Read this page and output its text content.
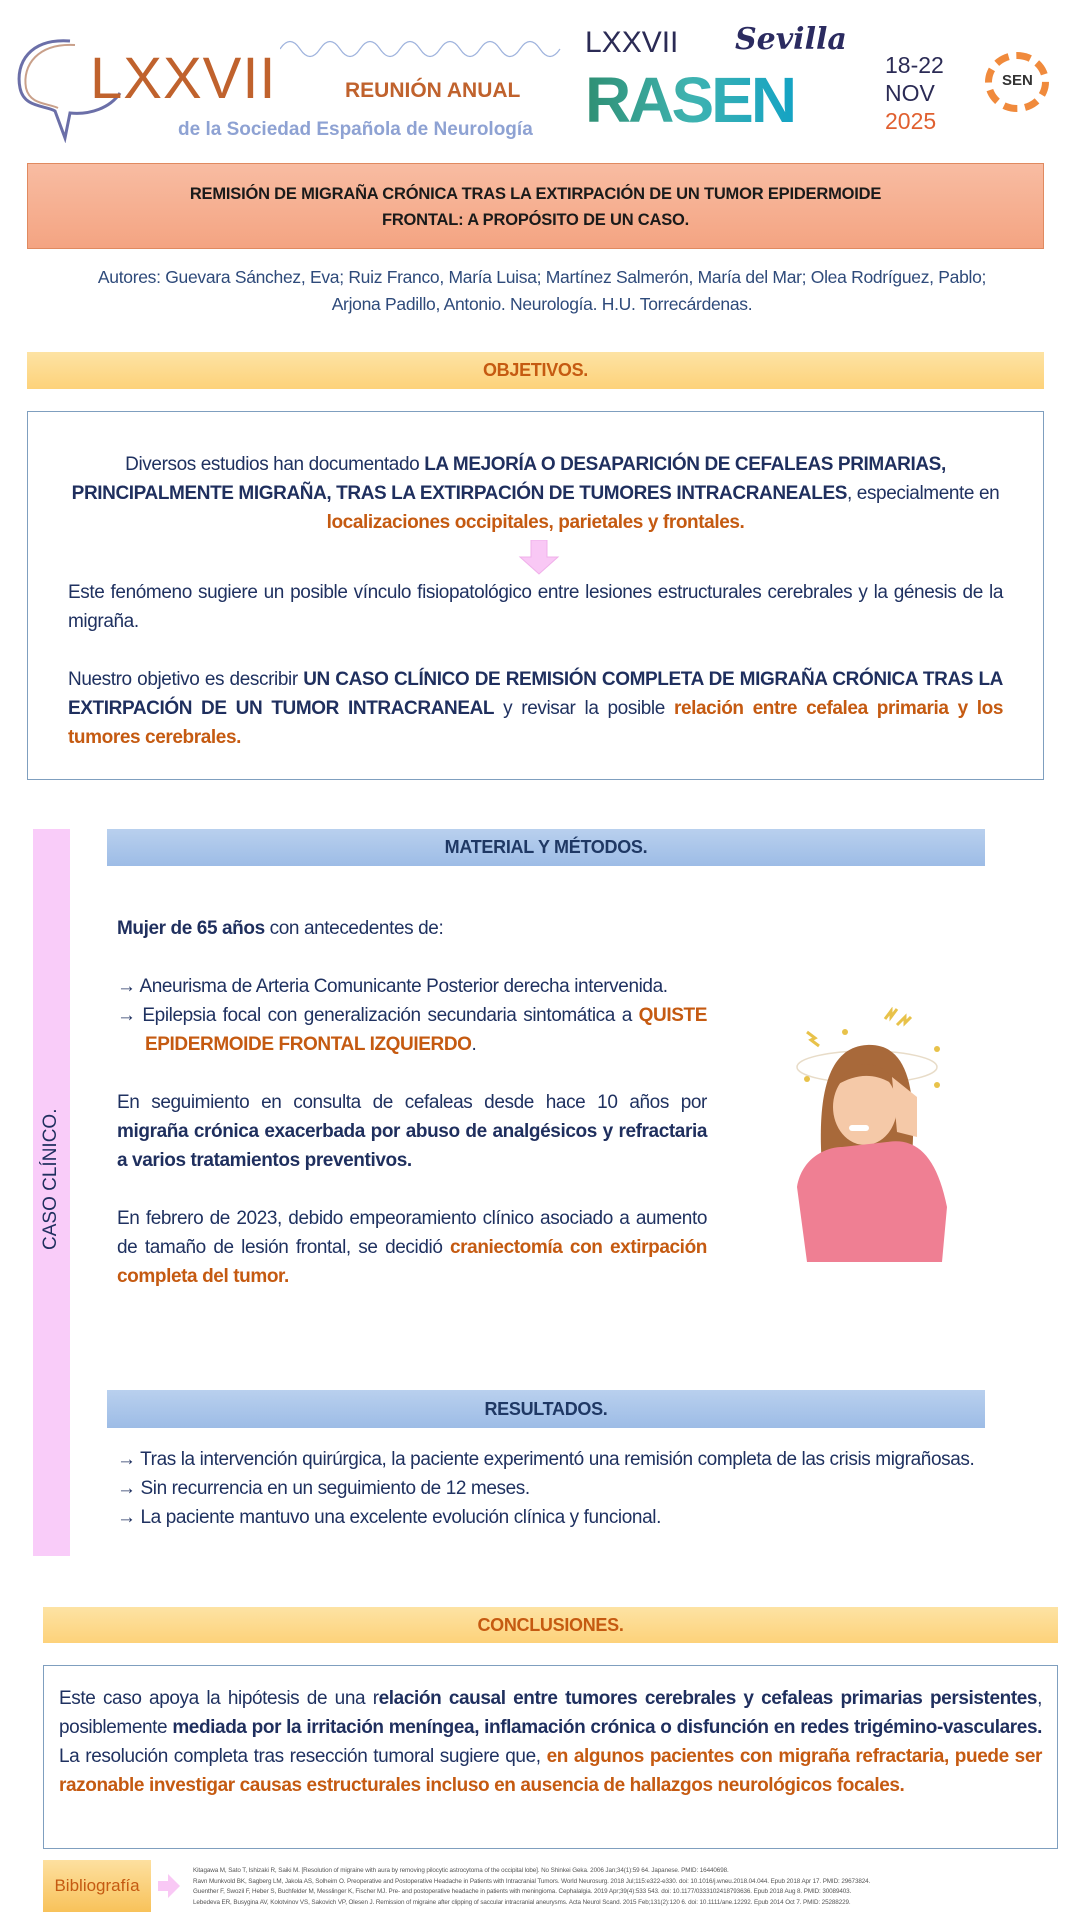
LXXVII	REUNIÓN ANUAL
de la Sociedad Española de Neurología
LXXVII Sevilla
RASEN	18-22
NOV
2025
SEN
REMISIÓN DE MIGRAÑA CRÓNICA TRAS LA EXTIRPACIÓN DE UN TUMOR EPIDERMOIDE
FRONTAL: A PROPÓSITO DE UN CASO.
Autores: Guevara Sánchez, Eva; Ruiz Franco, María Luisa; Martínez Salmerón, María del Mar; Olea Rodríguez, Pablo;
Arjona Padillo, Antonio. Neurología. H.U. Torrecárdenas.
OBJETIVOS.
Diversos estudios han documentado LA MEJORÍA O DESAPARICIÓN DE CEFALEAS PRIMARIAS, PRINCIPALMENTE MIGRAÑA, TRAS LA EXTIRPACIÓN DE TUMORES INTRACRANEALES, especialmente en localizaciones occipitales, parietales y frontales.
Este fenómeno sugiere un posible vínculo fisiopatológico entre lesiones estructurales cerebrales y la génesis de la migraña.
Nuestro objetivo es describir UN CASO CLÍNICO DE REMISIÓN COMPLETA DE MIGRAÑA CRÓNICA TRAS LA EXTIRPACIÓN DE UN TUMOR INTRACRANEAL y revisar la posible relación entre cefalea primaria y los tumores cerebrales.
CASO CLÍNICO.
MATERIAL Y MÉTODOS.
Mujer de 65 años con antecedentes de:
→ Aneurisma de Arteria Comunicante Posterior derecha intervenida.
→ Epilepsia focal con generalización secundaria sintomática a QUISTE EPIDERMOIDE FRONTAL IZQUIERDO.
En seguimiento en consulta de cefaleas desde hace 10 años por migraña crónica exacerbada por abuso de analgésicos y refractaria a varios tratamientos preventivos.
En febrero de 2023, debido empeoramiento clínico asociado a aumento de tamaño de lesión frontal, se decidió craniectomía con extirpación completa del tumor.
RESULTADOS.
→ Tras la intervención quirúrgica, la paciente experimentó una remisión completa de las crisis migrañosas.
→ Sin recurrencia en un seguimiento de 12 meses.
→ La paciente mantuvo una excelente evolución clínica y funcional.
CONCLUSIONES.
Este caso apoya la hipótesis de una relación causal entre tumores cerebrales y cefaleas primarias persistentes, posiblemente mediada por la irritación meníngea, inflamación crónica o disfunción en redes trigémino-vasculares. La resolución completa tras resección tumoral sugiere que, en algunos pacientes con migraña refractaria, puede ser razonable investigar causas estructurales incluso en ausencia de hallazgos neurológicos focales.
Bibliografía
Kitagawa M, Sato T, Ishizaki R, Saiki M. [Resolution of migraine with aura by removing pilocytic astrocytoma of the occipital lobe]. No Shinkei Geka. 2006 Jan;34(1):59 64. Japanese. PMID: 16440698.
Ravn Munkvold BK, Sagberg LM, Jakola AS, Solheim O. Preoperative and Postoperative Headache in Patients with Intracranial Tumors. World Neurosurg. 2018 Jul;115:e322-e330. doi: 10.1016/j.wneu.2018.04.044. Epub 2018 Apr 17. PMID: 29673824.
Guenther F, Swozil F, Heber S, Buchfelder M, Messlinger K, Fischer MJ. Pre- and postoperative headache in patients with meningioma. Cephalalgia. 2019 Apr;39(4):533 543. doi: 10.1177/0333102418793636. Epub 2018 Aug 8. PMID: 30089403.
Lebedeva ER, Busygina AV, Kolotvinov VS, Sakovich VP, Olesen J. Remission of migraine after clipping of saccular intracranial aneurysms. Acta Neurol Scand. 2015 Feb;131(2):120 6. doi: 10.1111/ane.12292. Epub 2014 Oct 7. PMID: 25288229.
